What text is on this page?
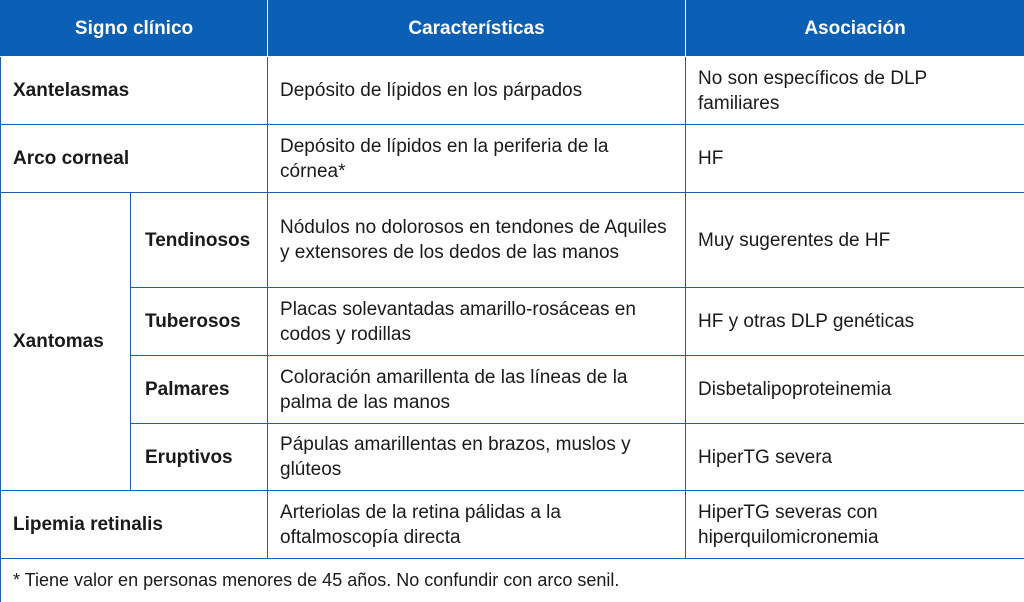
Signo clínico		Características	Asociación
Xantelasmas		Depósito de lípidos en los párpados	No son específicos de DLP familiares
Arco corneal		Depósito de lípidos en la periferia de la córnea*	HF
Xantomas	Tendinosos	Nódulos no dolorosos en tendones de Aquiles y extensores de los dedos de las manos	Muy sugerentes de HF
	Tuberosos	Placas solevantadas amarillo-rosáceas en codos y rodillas	HF y otras DLP genéticas
	Palmares	Coloración amarillenta de las líneas de la palma de las manos	Disbetalipoproteinemia
	Eruptivos	Pápulas amarillentas en brazos, muslos y glúteos	HiperTG severa
Lipemia retinalis		Arteriolas de la retina pálidas a la oftalmoscopía directa	HiperTG severas con hiperquilomicronemia
* Tiene valor en personas menores de 45 años. No confundir con arco senil.			
